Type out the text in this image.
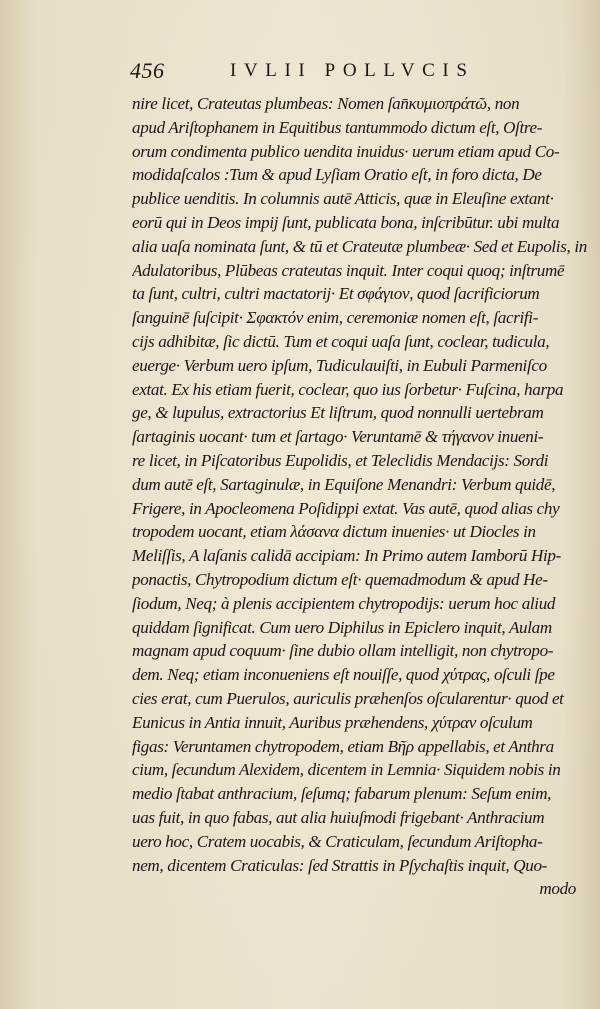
456	IVLII POLLVCIS
nire licet, Crateutas plumbeas: Nomen ſan̄κυμιοπράτῶ, non
apud Ariſtophanem in Equitibus tantummodo dictum eſt, Oſtre-
orum condimenta publico uendita inuidus· uerum etiam apud Co-
modidaſcalos :Tum & apud Lyſiam Oratio eſt, in foro dicta, De
publice uenditis. In columnis autē Atticis, quæ in Eleuſine extant·
eorū qui in Deos impij ſunt, publicata bona, inſcribūtur. ubi multa
alia uaſa nominata ſunt, & tū et Crateutæ plumbeæ· Sed et Eupolis, in
Adulatoribus, Plūbeas crateutas inquit. Inter coqui quoq; inſtrumē
ta ſunt, cultri, cultri mactatorij· Et σφάγιον, quod ſacrificiorum
ſanguinē ſuſcipit· Σφακτόν enim, ceremoniæ nomen eſt, ſacrifi-
cijs adhibitæ, ſic dictū. Tum et coqui uaſa ſunt, coclear, tudicula,
euerge· Verbum uero ipſum, Tudiculauiſti, in Eubuli Parmeniſco
extat. Ex his etiam fuerit, coclear, quo ius ſorbetur· Fuſcina, harpa
ge, & lupulus, extractorius Et liſtrum, quod nonnulli uertebram
ſartaginis uocant· tum et ſartago· Veruntamē & τήγανον inueni-
re licet, in Piſcatoribus Eupolidis, et Teleclidis Mendacijs: Sordi
dum autē eſt, Sartaginulæ, in Equiſone Menandri: Verbum quidē,
Frigere, in Apocleomena Poſidippi extat. Vas autē, quod alias chy
tropodem uocant, etiam λάσανα dictum inuenies· ut Diocles in
Meliſſis, A laſanis calidā accipiam: In Primo autem Iamborū Hip-
ponactis, Chytropodium dictum eſt· quemadmodum & apud He-
ſiodum, Neq; à plenis accipientem chytropodijs: uerum hoc aliud
quiddam ſignificat. Cum uero Diphilus in Epiclero inquit, Aulam
magnam apud coquum· ſine dubio ollam intelligit, non chytropo-
dem. Neq; etiam inconueniens eſt nouiſſe, quod χύτρας, oſculi ſpe
cies erat, cum Puerulos, auriculis præhenſos oſcularentur· quod et
Eunicus in Antia innuit, Auribus præhendens, χύτραν oſculum
figas: Veruntamen chytropodem, etiam Βῆρ appellabis, et Anthra
cium, ſecundum Alexidem, dicentem in Lemnia· Siquidem nobis in
medio ſtabat anthracium, ſeſumq; fabarum plenum: Seſum enim,
uas fuit, in quo fabas, aut alia huiuſmodi frigebant· Anthracium
uero hoc, Cratem uocabis, & Craticulam, ſecundum Ariſtopha-
nem, dicentem Craticulas: ſed Strattis in Pſychaſtis inquit, Quo-
modo
